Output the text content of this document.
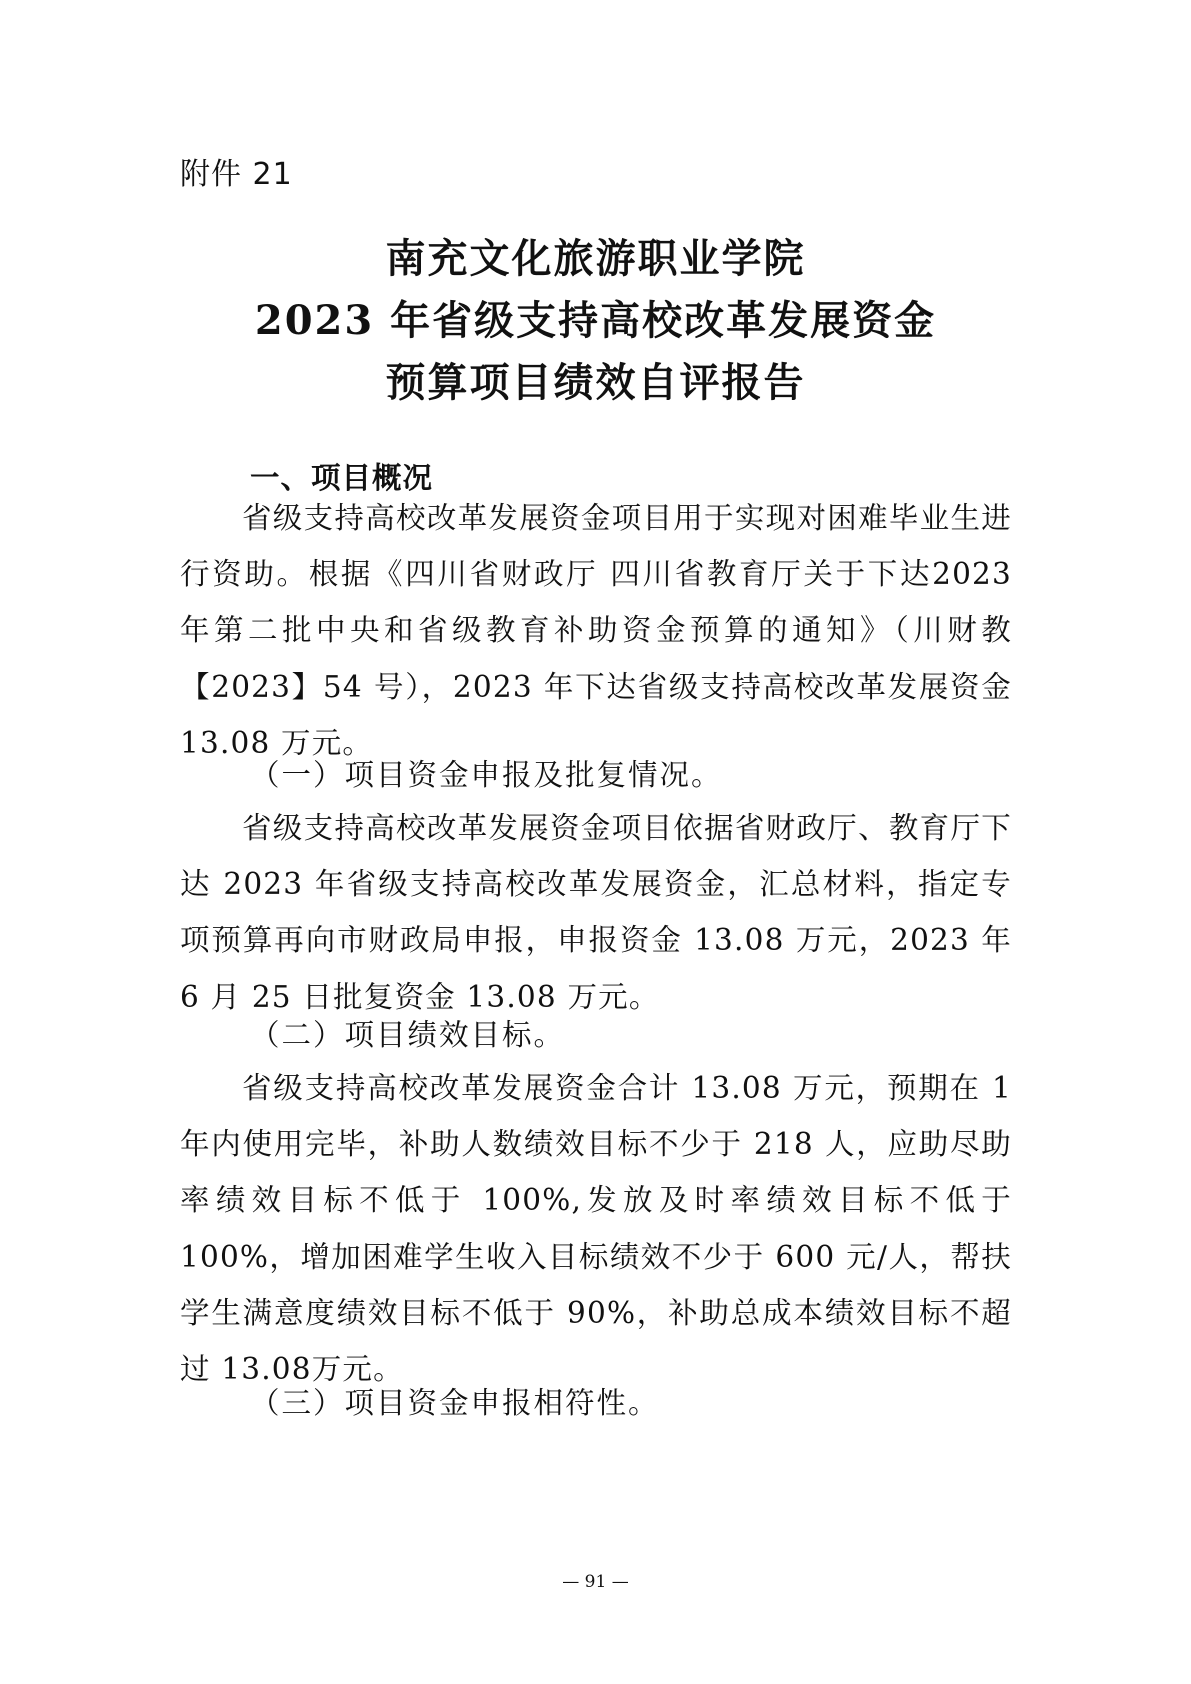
附件 21
南充文化旅游职业学院
2023 年省级支持高校改革发展资金
预算项目绩效自评报告
一、项目概况

省级支持高校改革发展资金项目用于实现对困难毕业生进行资助。根据《四川省财政厅 四川省教育厅关于下达2023 年第二批中央和省级教育补助资金预算的通知》（川财教【2023】54 号），2023 年下达省级支持高校改革发展资金 13.08 万元。

（一）项目资金申报及批复情况。

省级支持高校改革发展资金项目依据省财政厅、教育厅下达 2023 年省级支持高校改革发展资金，汇总材料，指定专项预算再向市财政局申报，申报资金 13.08 万元，2023 年6 月 25 日批复资金 13.08 万元。

（二）项目绩效目标。

省级支持高校改革发展资金合计 13.08 万元，预期在 1年内使用完毕，补助人数绩效目标不少于 218 人，应助尽助率绩效目标不低于 100%,发放及时率绩效目标不低于 100%，增加困难学生收入目标绩效不少于 600 元/人，帮扶学生满意度绩效目标不低于 90%，补助总成本绩效目标不超过 13.08万元。

（三）项目资金申报相符性。
— 91 —
